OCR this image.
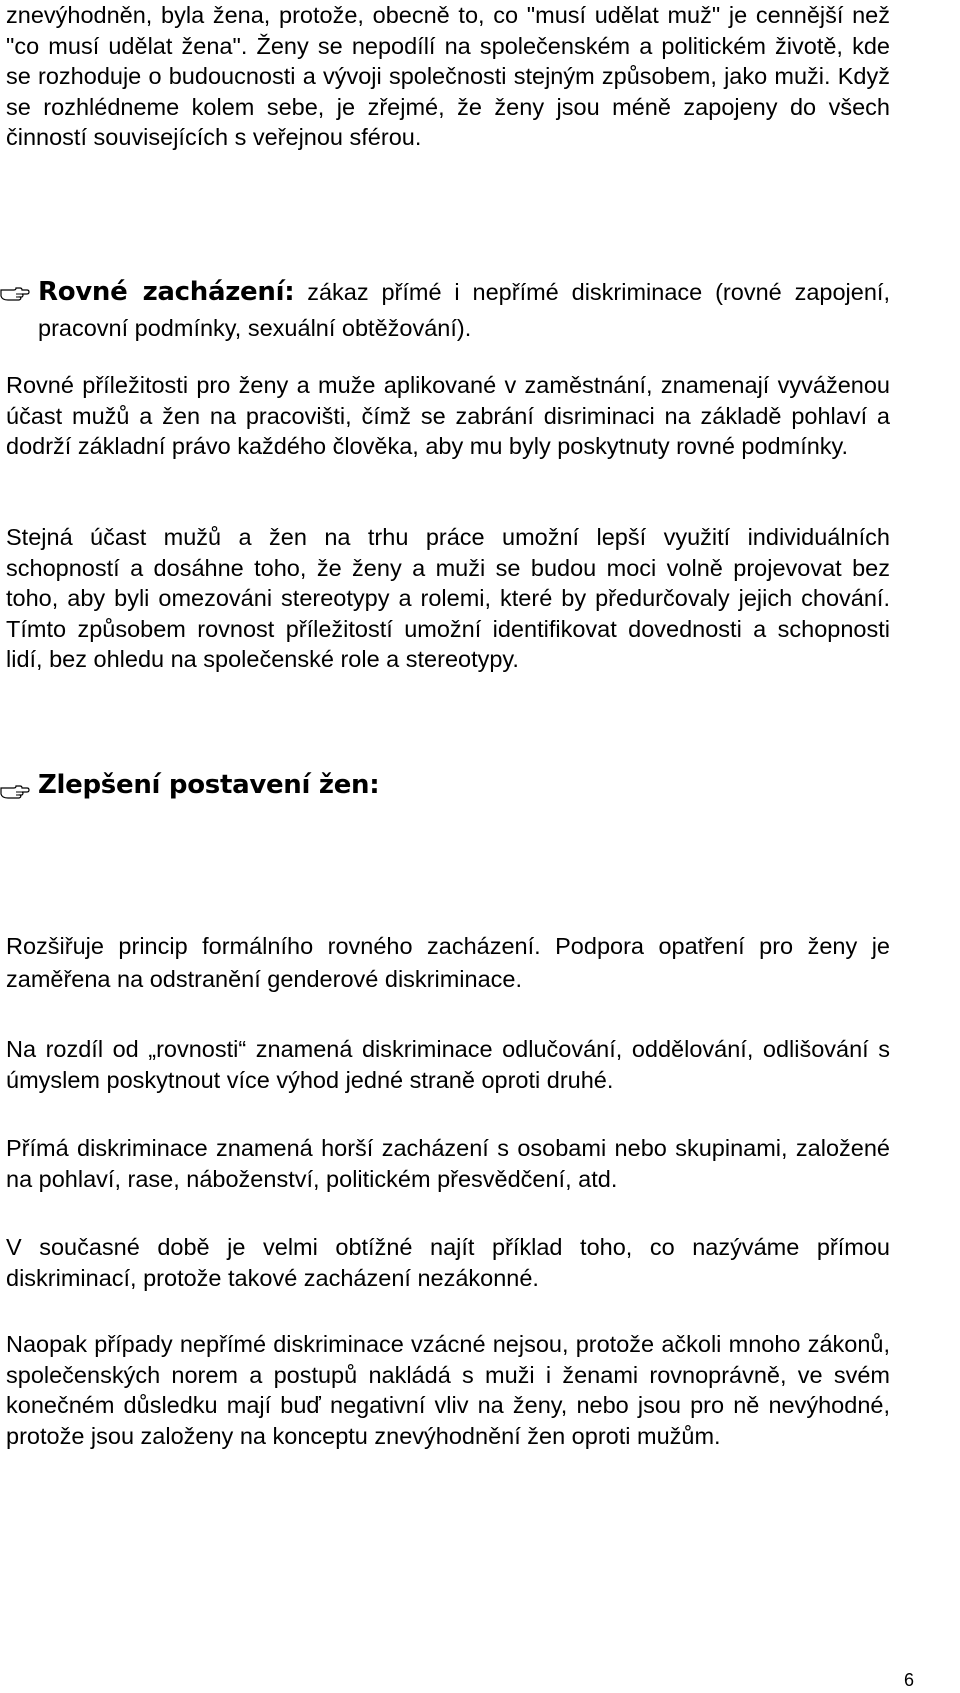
znevýhodněn, byla žena, protože, obecně to, co "musí udělat muž" je cennější než "co musí udělat žena". Ženy se nepodílí na společenském a politickém životě, kde se rozhoduje o budoucnosti a vývoji společnosti stejným způsobem, jako muži. Když se rozhlédneme kolem sebe, je zřejmé, že ženy jsou méně zapojeny do všech činností souvisejících s veřejnou sférou.

Rovné zacházení: zákaz přímé i nepřímé diskriminace (rovné zapojení, pracovní podmínky, sexuální obtěžování).

Rovné příležitosti pro ženy a muže aplikované v zaměstnání, znamenají vyváženou účast mužů a žen na pracovišti, čímž se zabrání disriminaci na základě pohlaví a dodrží základní právo každého člověka, aby mu byly poskytnuty rovné podmínky.

Stejná účast mužů a žen na trhu práce umožní lepší využití individuálních schopností a dosáhne toho, že ženy a muži se budou moci volně projevovat bez toho, aby byli omezováni stereotypy a rolemi, které by předurčovaly jejich chování. Tímto způsobem rovnost příležitostí umožní identifikovat dovednosti a schopnosti lidí, bez ohledu na společenské role a stereotypy.

Zlepšení postavení žen:

Rozšiřuje princip formálního rovného zacházení. Podpora opatření pro ženy je zaměřena na odstranění genderové diskriminace.

Na rozdíl od „rovnosti“ znamená diskriminace odlučování, oddělování, odlišování s úmyslem poskytnout více výhod jedné straně oproti druhé.

Přímá diskriminace znamená horší zacházení s osobami nebo skupinami, založené na pohlaví, rase, náboženství, politickém přesvědčení, atd.

V současné době je velmi obtížné najít příklad toho, co nazýváme přímou diskriminací, protože takové zacházení nezákonné.

Naopak případy nepřímé diskriminace vzácné nejsou, protože ačkoli mnoho zákonů, společenských norem a postupů nakládá s muži i ženami rovnoprávně, ve svém konečném důsledku mají buď negativní vliv na ženy, nebo jsou pro ně nevýhodné, protože jsou založeny na konceptu znevýhodnění žen oproti mužům.

6
